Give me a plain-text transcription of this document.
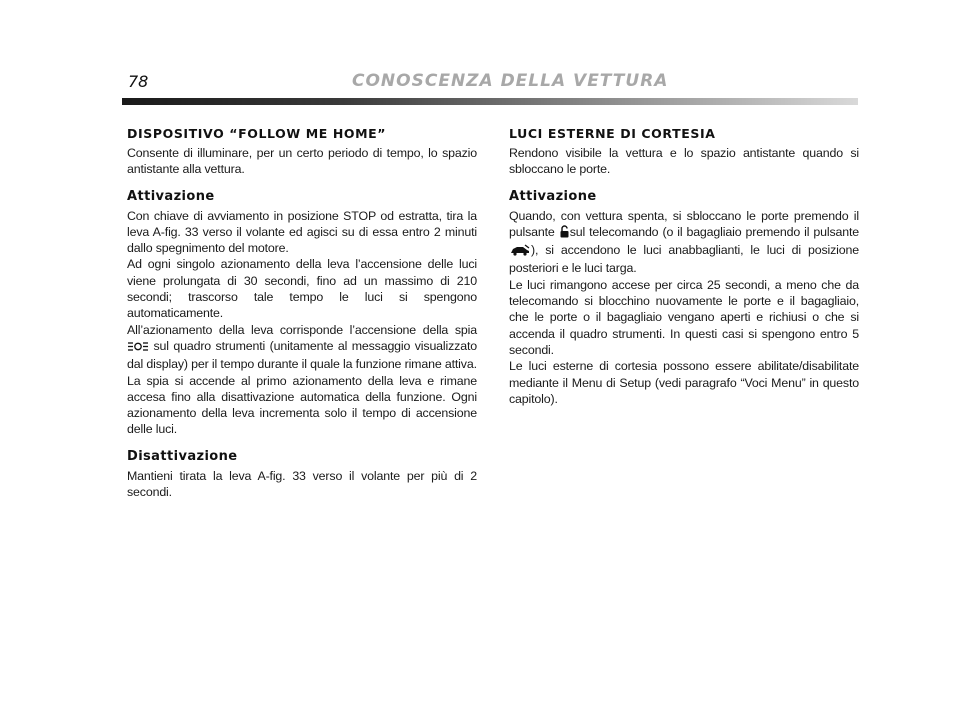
78	CONOSCENZA DELLA VETTURA
DISPOSITIVO “FOLLOW ME HOME”

Consente di illuminare, per un certo periodo di tempo, lo spazio antistante alla vettura.

Attivazione

Con chiave di avviamento in posizione STOP od estratta, tira la leva A-fig. 33 verso il volante ed agisci su di essa entro 2 minuti dallo spegnimento del motore.

Ad ogni singolo azionamento della leva l’accensione delle luci viene prolungata di 30 secondi, fino ad un massimo di 210 secondi; trascorso tale tempo le luci si spengono automaticamente.

All’azionamento della leva corrisponde l’accensione della spia  sul quadro strumenti (unitamente al messaggio visualizzato dal display) per il tempo durante il quale la funzione rimane attiva.

La spia si accende al primo azionamento della leva e rimane accesa fino alla disattivazione automatica della funzione. Ogni azionamento della leva incrementa solo il tempo di accensione delle luci.

Disattivazione

Mantieni tirata la leva A-fig. 33 verso il volante per più di 2 secondi.

LUCI ESTERNE DI CORTESIA

Rendono visibile la vettura e lo spazio antistante quando si sbloccano le porte.

Attivazione

Quando, con vettura spenta, si sbloccano le porte premendo il pulsante sul telecomando (o il bagagliaio premendo il pulsante ), si accendono le luci anabbaglianti, le luci di posizione posteriori e le luci targa.

Le luci rimangono accese per circa 25 secondi, a meno che da telecomando si blocchino nuovamente le porte e il bagagliaio, che le porte o il bagagliaio vengano aperti e richiusi o che si accenda il quadro strumenti. In questi casi si spengono entro 5 secondi.

Le luci esterne di cortesia possono essere abilitate/disabilitate mediante il Menu di Setup (vedi paragrafo “Voci Menu” in questo capitolo).
